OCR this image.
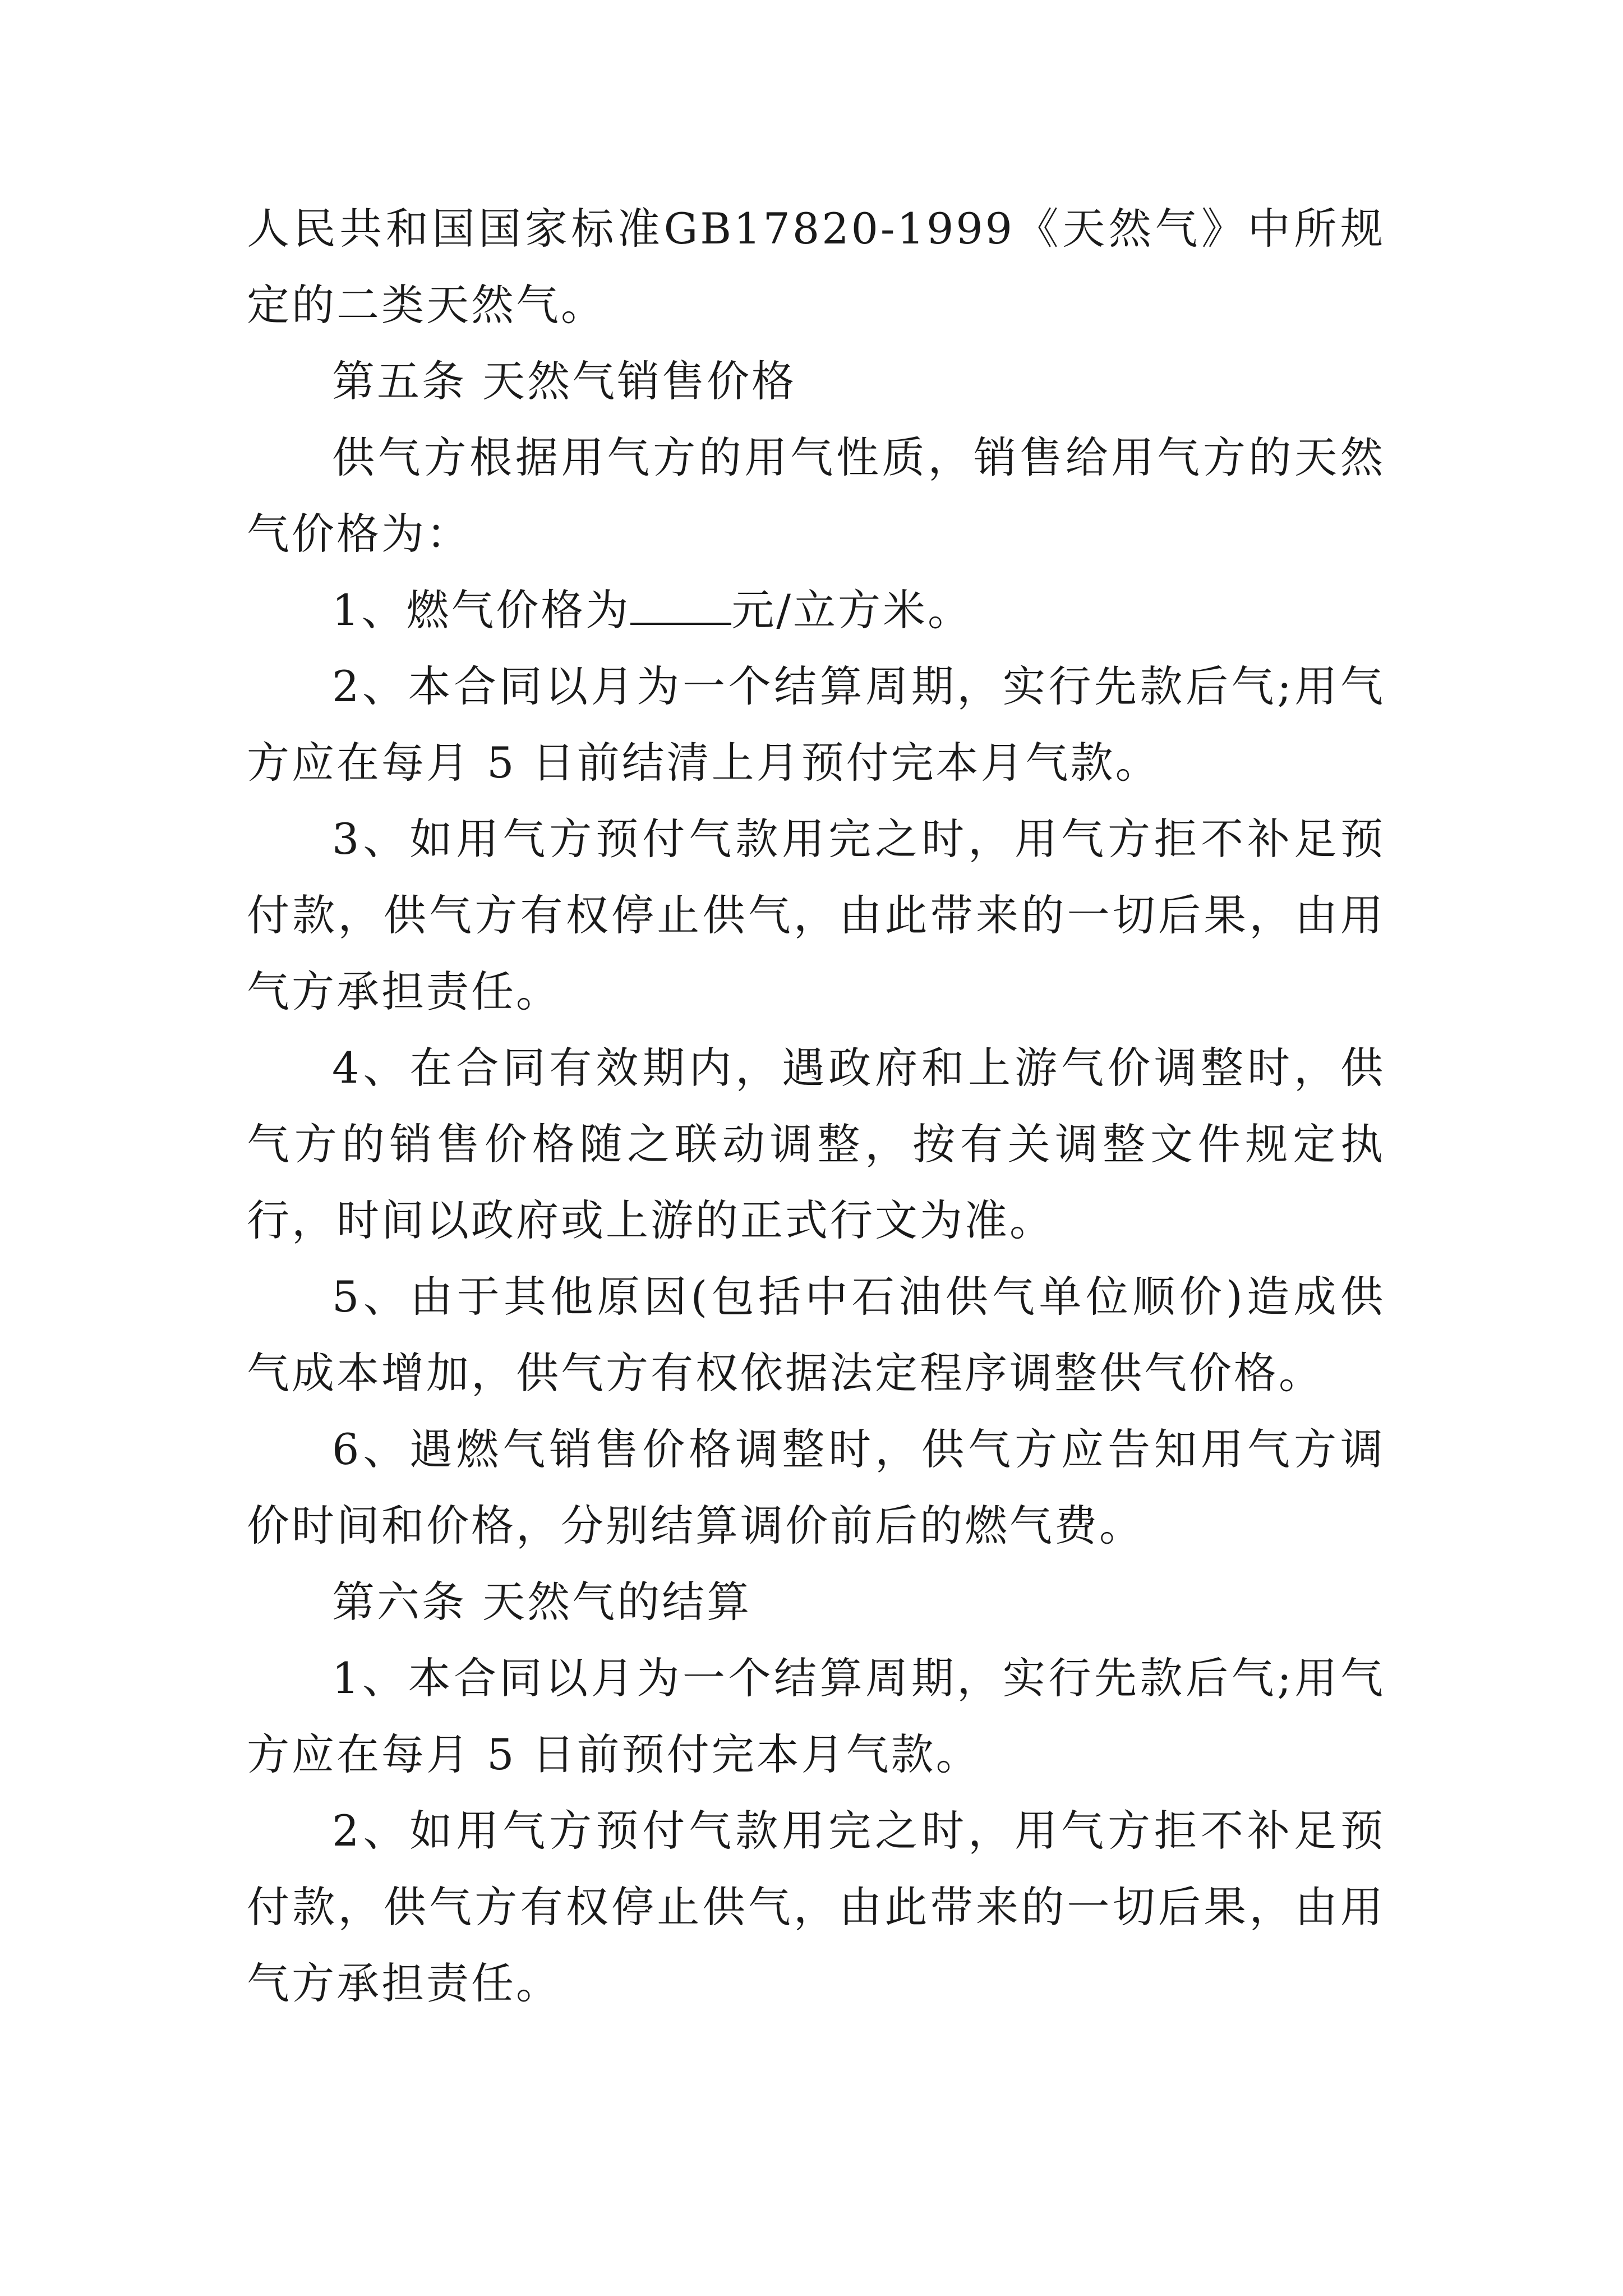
人民共和国国家标准GB17820-1999《天然气》中所规定的二类天然气。

第五条 天然气销售价格

供气方根据用气方的用气性质，销售给用气方的天然气价格为：

1、燃气价格为 元/立方米。

2、本合同以月为一个结算周期，实行先款后气;用气方应在每月 5 日前结清上月预付完本月气款。

3、如用气方预付气款用完之时，用气方拒不补足预付款，供气方有权停止供气，由此带来的一切后果，由用气方承担责任。

4、在合同有效期内，遇政府和上游气价调整时，供气方的销售价格随之联动调整，按有关调整文件规定执行，时间以政府或上游的正式行文为准。

5、由于其他原因(包括中石油供气单位顺价)造成供气成本增加，供气方有权依据法定程序调整供气价格。

6、遇燃气销售价格调整时，供气方应告知用气方调价时间和价格，分别结算调价前后的燃气费。

第六条 天然气的结算

1、本合同以月为一个结算周期，实行先款后气;用气方应在每月 5 日前预付完本月气款。

2、如用气方预付气款用完之时，用气方拒不补足预付款，供气方有权停止供气，由此带来的一切后果，由用气方承担责任。
